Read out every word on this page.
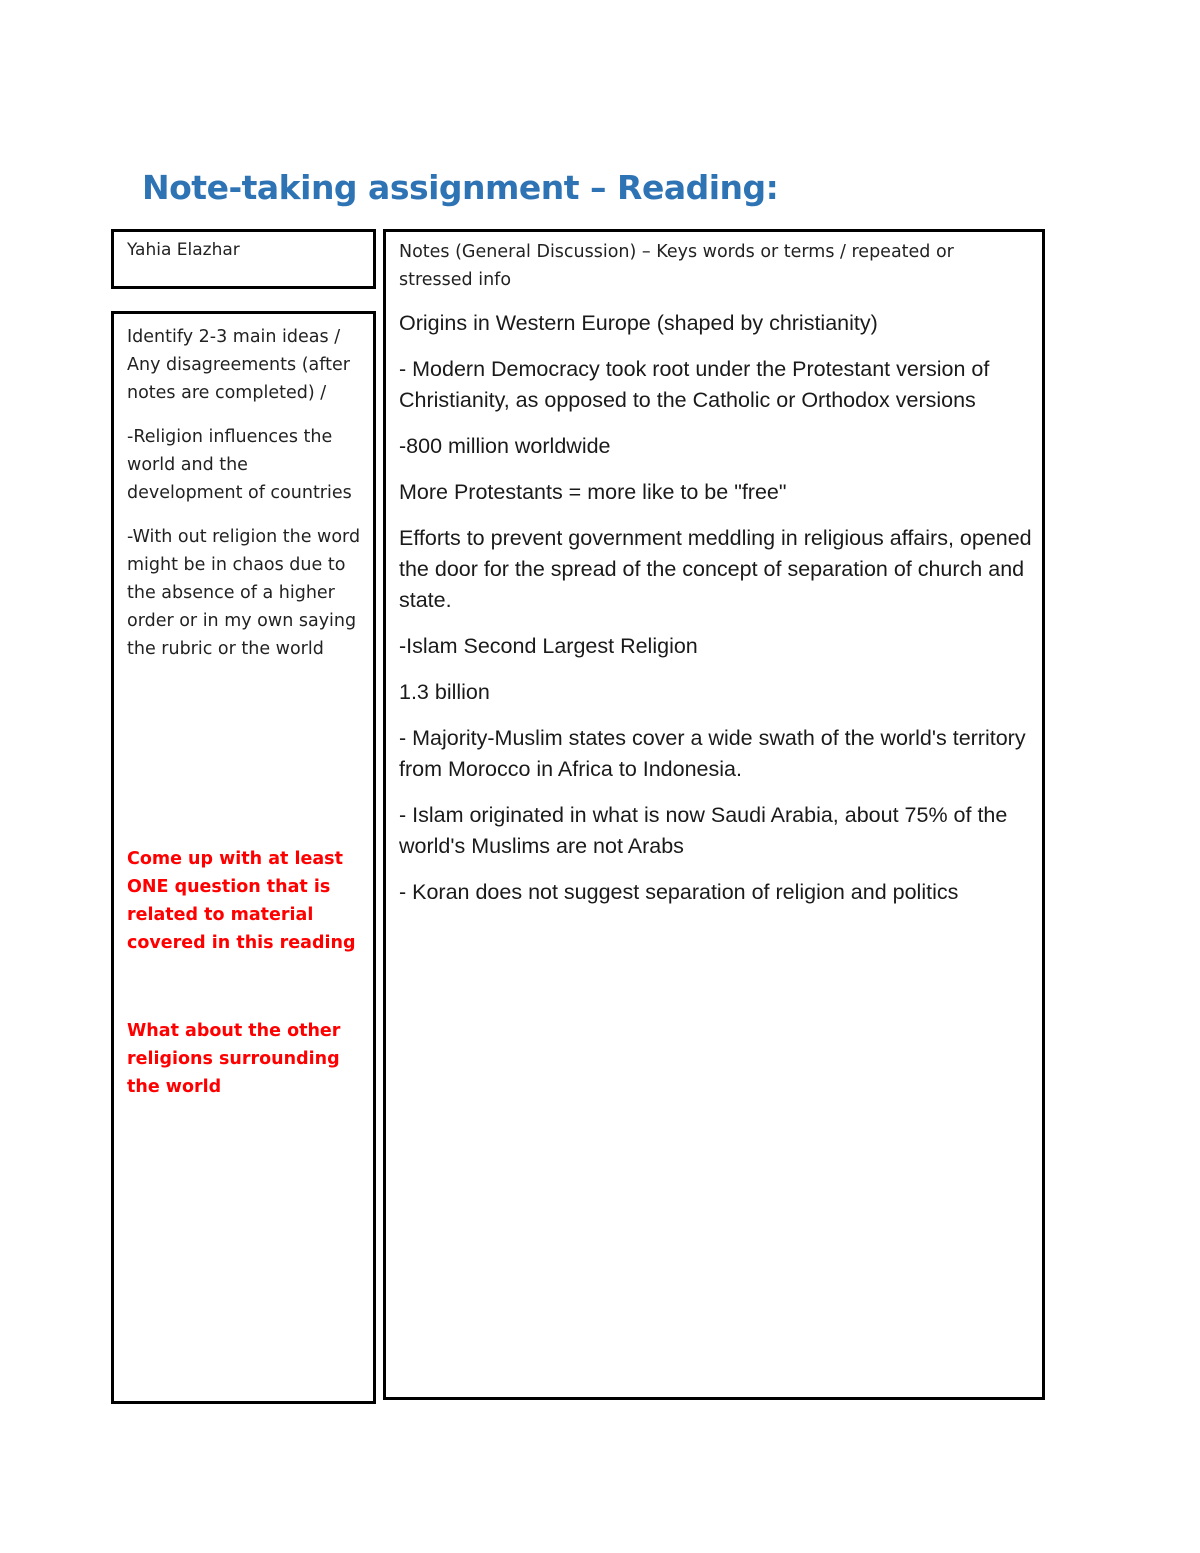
Note-taking assignment – Reading:
Yahia Elazhar

Identify 2-3 main ideas / Any disagreements (after notes are completed) /

-Religion influences the world and the development of countries

-With out religion the word might be in chaos due to the absence of a higher order or in my own saying the rubric or the world

Come up with at least ONE question that is related to material covered in this reading

What about the other religions surrounding the world

Notes (General Discussion) – Keys words or terms / repeated or stressed info

Origins in Western Europe (shaped by christianity)

- Modern Democracy took root under the Protestant version of Christianity, as opposed to the Catholic or Orthodox versions

-800 million worldwide

More Protestants = more like to be "free"

Efforts to prevent government meddling in religious affairs, opened the door for the spread of the concept of separation of church and state.

-Islam Second Largest Religion

1.3 billion

- Majority-Muslim states cover a wide swath of the world's territory from Morocco in Africa to Indonesia.

- Islam originated in what is now Saudi Arabia, about 75% of the world's Muslims are not Arabs

- Koran does not suggest separation of religion and politics
